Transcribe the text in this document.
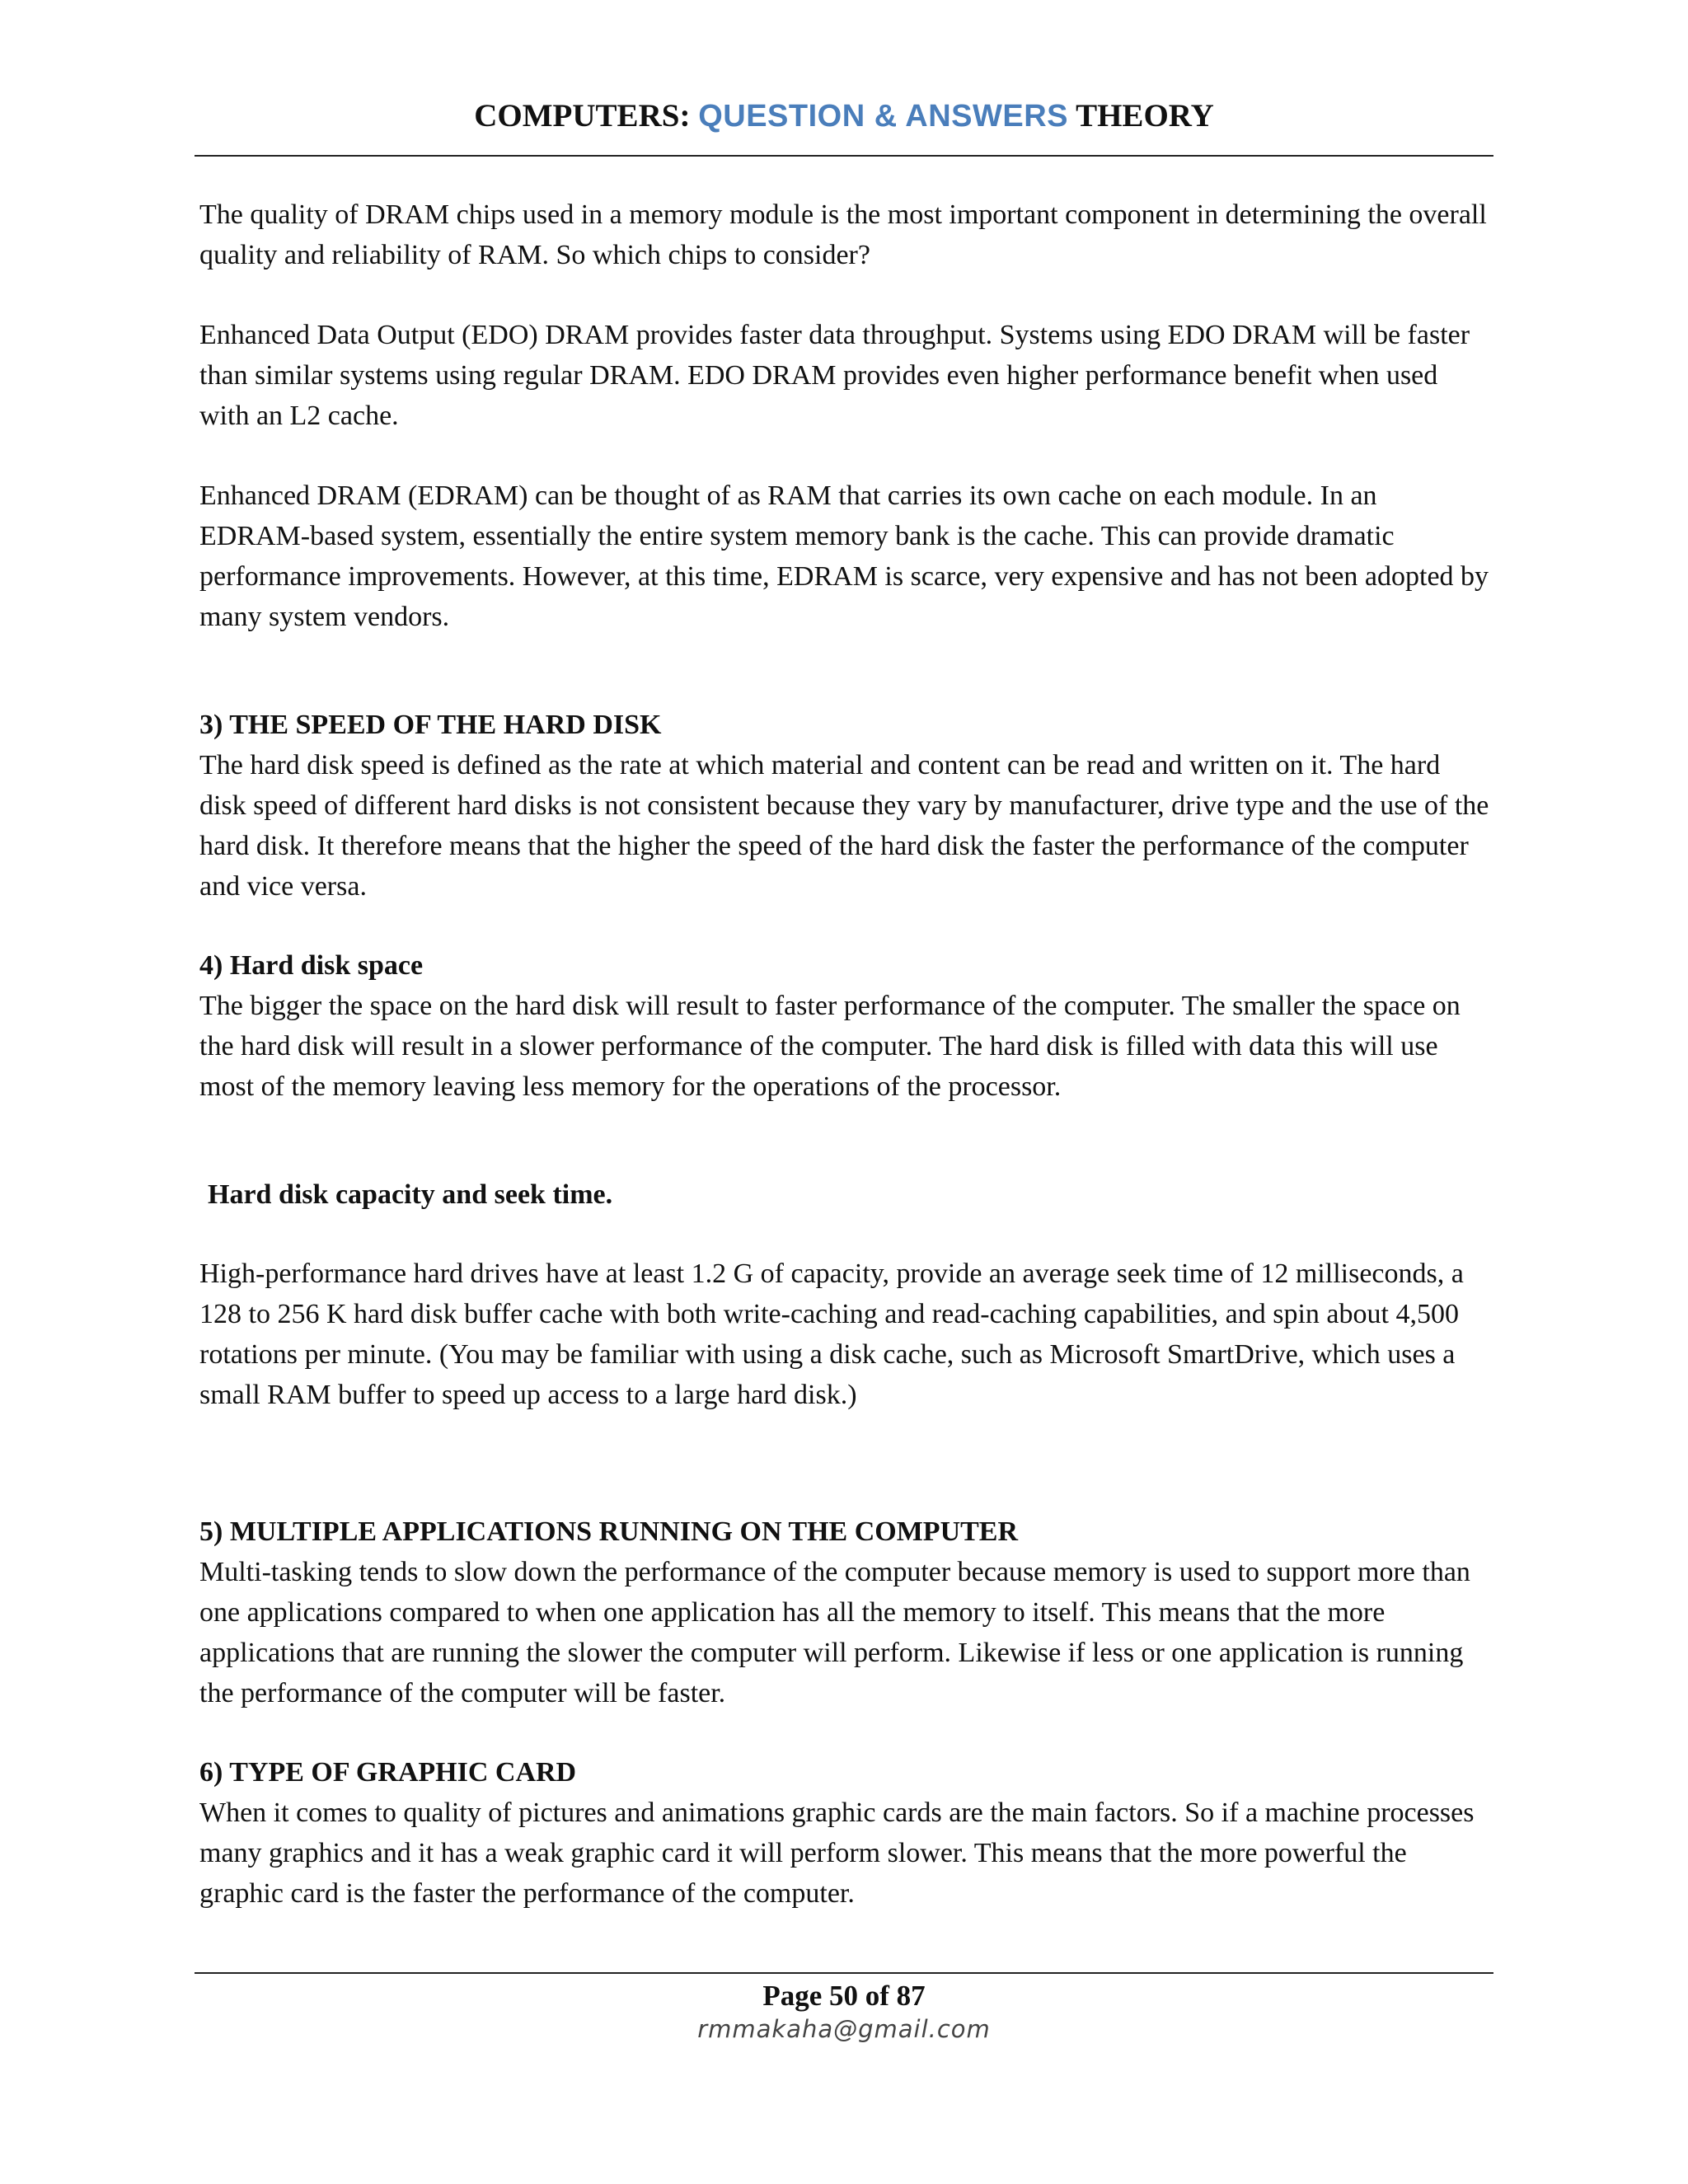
COMPUTERS: QUESTION & ANSWERS THEORY

The quality of DRAM chips used in a memory module is the most important component in determining the overall quality and reliability of RAM. So which chips to consider?

Enhanced Data Output (EDO) DRAM provides faster data throughput. Systems using EDO DRAM will be faster than similar systems using regular DRAM. EDO DRAM provides even higher performance benefit when used with an L2 cache.

Enhanced DRAM (EDRAM) can be thought of as RAM that carries its own cache on each module. In an EDRAM-based system, essentially the entire system memory bank is the cache. This can provide dramatic performance improvements. However, at this time, EDRAM is scarce, very expensive and has not been adopted by many system vendors.

3) THE SPEED OF THE HARD DISK

The hard disk speed is defined as the rate at which material and content can be read and written on it. The hard disk speed of different hard disks is not consistent because they vary by manufacturer, drive type and the use of the hard disk. It therefore means that the higher the speed of the hard disk the faster the performance of the computer and vice versa.

4) Hard disk space

The bigger the space on the hard disk will result to faster performance of the computer. The smaller the space on the hard disk will result in a slower performance of the computer. The hard disk is filled with data this will use most of the memory leaving less memory for the operations of the processor.

Hard disk capacity and seek time.

High-performance hard drives have at least 1.2 G of capacity, provide an average seek time of 12 milliseconds, a 128 to 256 K hard disk buffer cache with both write-caching and read-caching capabilities, and spin about 4,500 rotations per minute. (You may be familiar with using a disk cache, such as Microsoft SmartDrive, which uses a small RAM buffer to speed up access to a large hard disk.)

5) MULTIPLE APPLICATIONS RUNNING ON THE COMPUTER

Multi-tasking tends to slow down the performance of the computer because memory is used to support more than one applications compared to when one application has all the memory to itself. This means that the more applications that are running the slower the computer will perform. Likewise if less or one application is running the performance of the computer will be faster.

6) TYPE OF GRAPHIC CARD

When it comes to quality of pictures and animations graphic cards are the main factors. So if a machine processes many graphics and it has a weak graphic card it will perform slower. This means that the more powerful the graphic card is the faster the performance of the computer.

Page 50 of 87
rmmakaha@gmail.com
